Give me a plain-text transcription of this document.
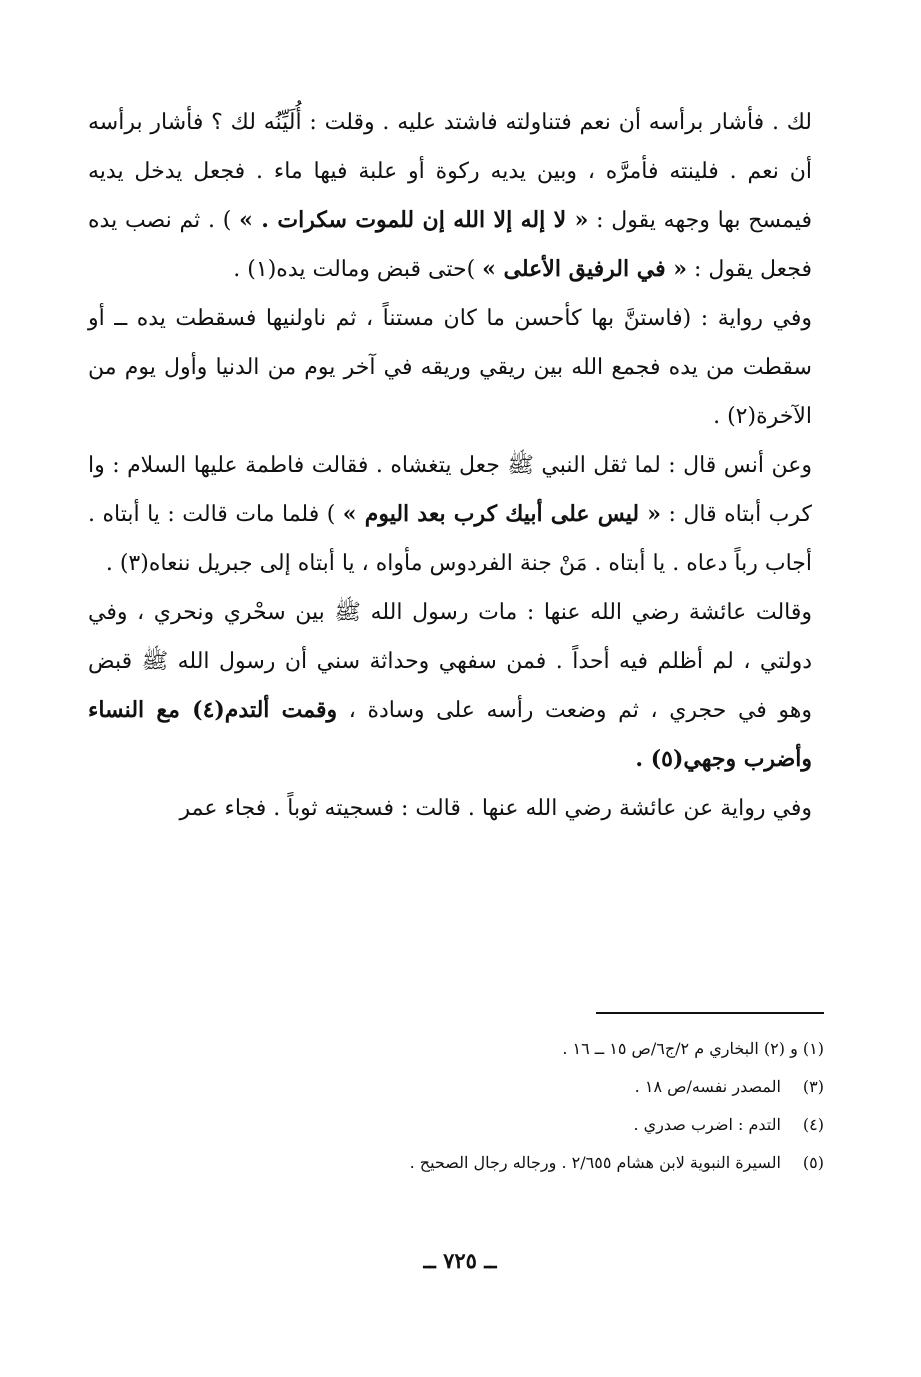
لك . فأشار برأسه أن نعم فتناولته فاشتد عليه . وقلت : أُلَيِّنُه لك ؟ فأشار برأسه أن نعم . فلينته فأمرَّه ، وبين يديه ركوة أو علبة فيها ماء . فجعل يدخل يديه فيمسح بها وجهه يقول : « لا إله إلا الله إن للموت سكرات . » ) . ثم نصب يده فجعل يقول : « في الرفيق الأعلى » )حتى قبض ومالت يده(١) .

وفي رواية : (فاستنَّ بها كأحسن ما كان مستناً ، ثم ناولنيها فسقطت يده ــ أو سقطت من يده فجمع الله بين ريقي وريقه في آخر يوم من الدنيا وأول يوم من الآخرة(٢) .

وعن أنس قال : لما ثقل النبي ﷺ جعل يتغشاه . فقالت فاطمة عليها السلام : وا كرب أبتاه قال : « ليس على أبيك كرب بعد اليوم » ) فلما مات قالت : يا أبتاه . أجاب رباً دعاه . يا أبتاه . مَنْ جنة الفردوس مأواه ، يا أبتاه إلى جبريل ننعاه(٣) .

وقالت عائشة رضي الله عنها : مات رسول الله ﷺ بين سحْري ونحري ، وفي دولتي ، لم أظلم فيه أحداً . فمن سفهي وحداثة سني أن رسول الله ﷺ قبض وهو في حجري ، ثم وضعت رأسه على وسادة ، وقمت ألتدم(٤) مع النساء وأضرب وجهي(٥) .

وفي رواية عن عائشة رضي الله عنها . قالت : فسجيته ثوباً . فجاء عمر

(١) و (٢) البخاري م ٢/ج٦/ص ١٥ ــ ١٦ .

(٣) المصدر نفسه/ص ١٨ .

(٤) التدم : اضرب صدري .

(٥) السيرة النبوية لابن هشام ٢/٦٥٥ . ورجاله رجال الصحيح .

ــ ٧٢٥ ــ
